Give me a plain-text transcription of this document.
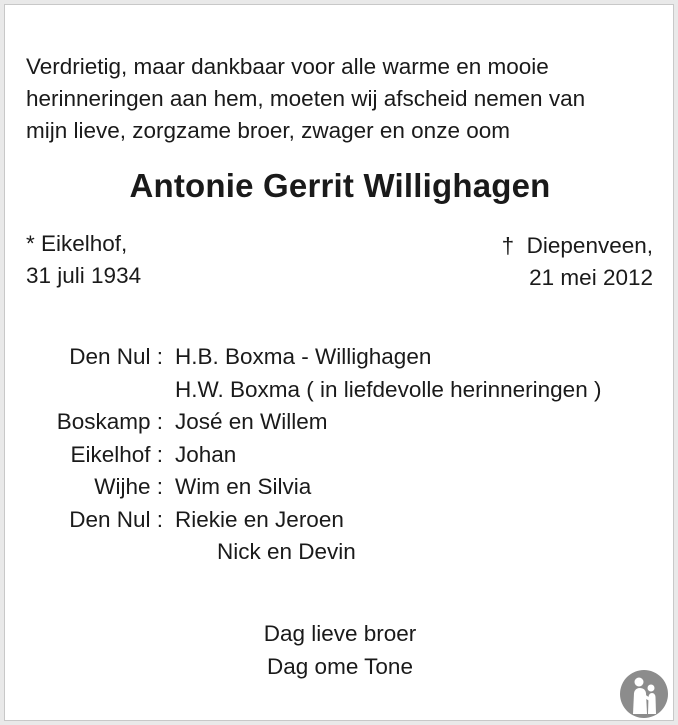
Verdrietig, maar dankbaar voor alle warme en mooie
herinneringen aan hem, moeten wij afscheid nemen van
mijn lieve, zorgzame broer, zwager en onze oom
Antonie Gerrit Willighagen
* Eikelhof,
31 juli 1934
†  Diepenveen,
21 mei 2012
Den Nul : H.B. Boxma - Willighagen
H.W. Boxma ( in liefdevolle herinneringen )
Boskamp : José en Willem
Eikelhof : Johan
Wijhe : Wim en Silvia
Den Nul : Riekie en Jeroen
Nick en Devin
Dag lieve broer
Dag ome Tone
